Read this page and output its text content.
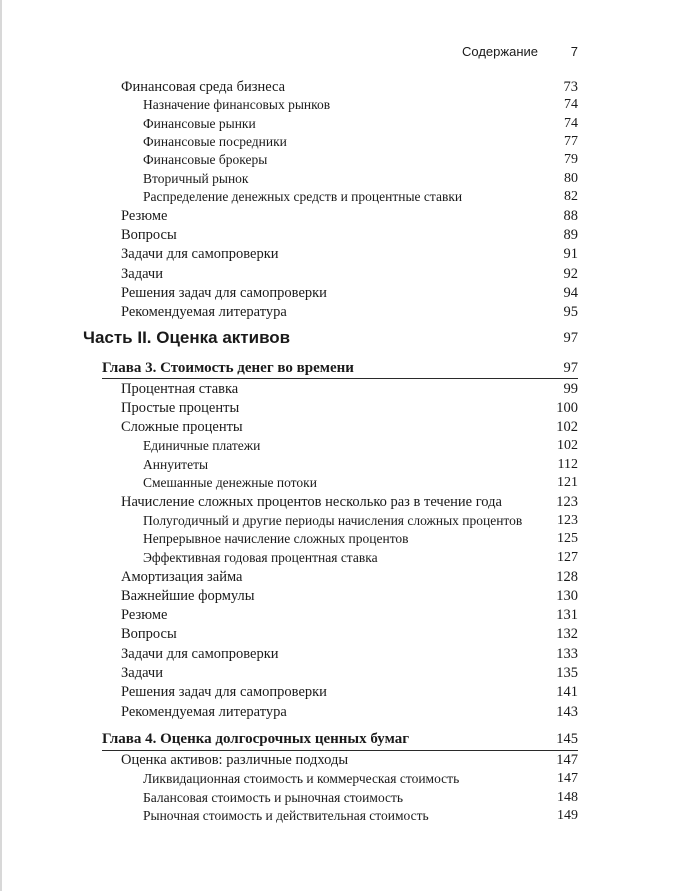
Содержание	7
Финансовая среда бизнеса	73
Назначение финансовых рынков	74
Финансовые рынки	74
Финансовые посредники	77
Финансовые брокеры	79
Вторичный рынок	80
Распределение денежных средств и процентные ставки	82
Резюме	88
Вопросы	89
Задачи для самопроверки	91
Задачи	92
Решения задач для самопроверки	94
Рекомендуемая литература	95
Часть II. Оценка активов	97
Глава 3. Стоимость денег во времени	97
Процентная ставка	99
Простые проценты	100
Сложные проценты	102
Единичные платежи	102
Аннуитеты	112
Смешанные денежные потоки	121
Начисление сложных процентов несколько раз в течение года	123
Полугодичный и другие периоды начисления сложных процентов 123
Непрерывное начисление сложных процентов	125
Эффективная годовая процентная ставка	127
Амортизация займа	128
Важнейшие формулы	130
Резюме	131
Вопросы	132
Задачи для самопроверки	133
Задачи	135
Решения задач для самопроверки	141
Рекомендуемая литература	143
Глава 4. Оценка долгосрочных ценных бумаг	145
Оценка активов: различные подходы	147
Ликвидационная стоимость и коммерческая стоимость	147
Балансовая стоимость и рыночная стоимость	148
Рыночная стоимость и действительная стоимость	149
